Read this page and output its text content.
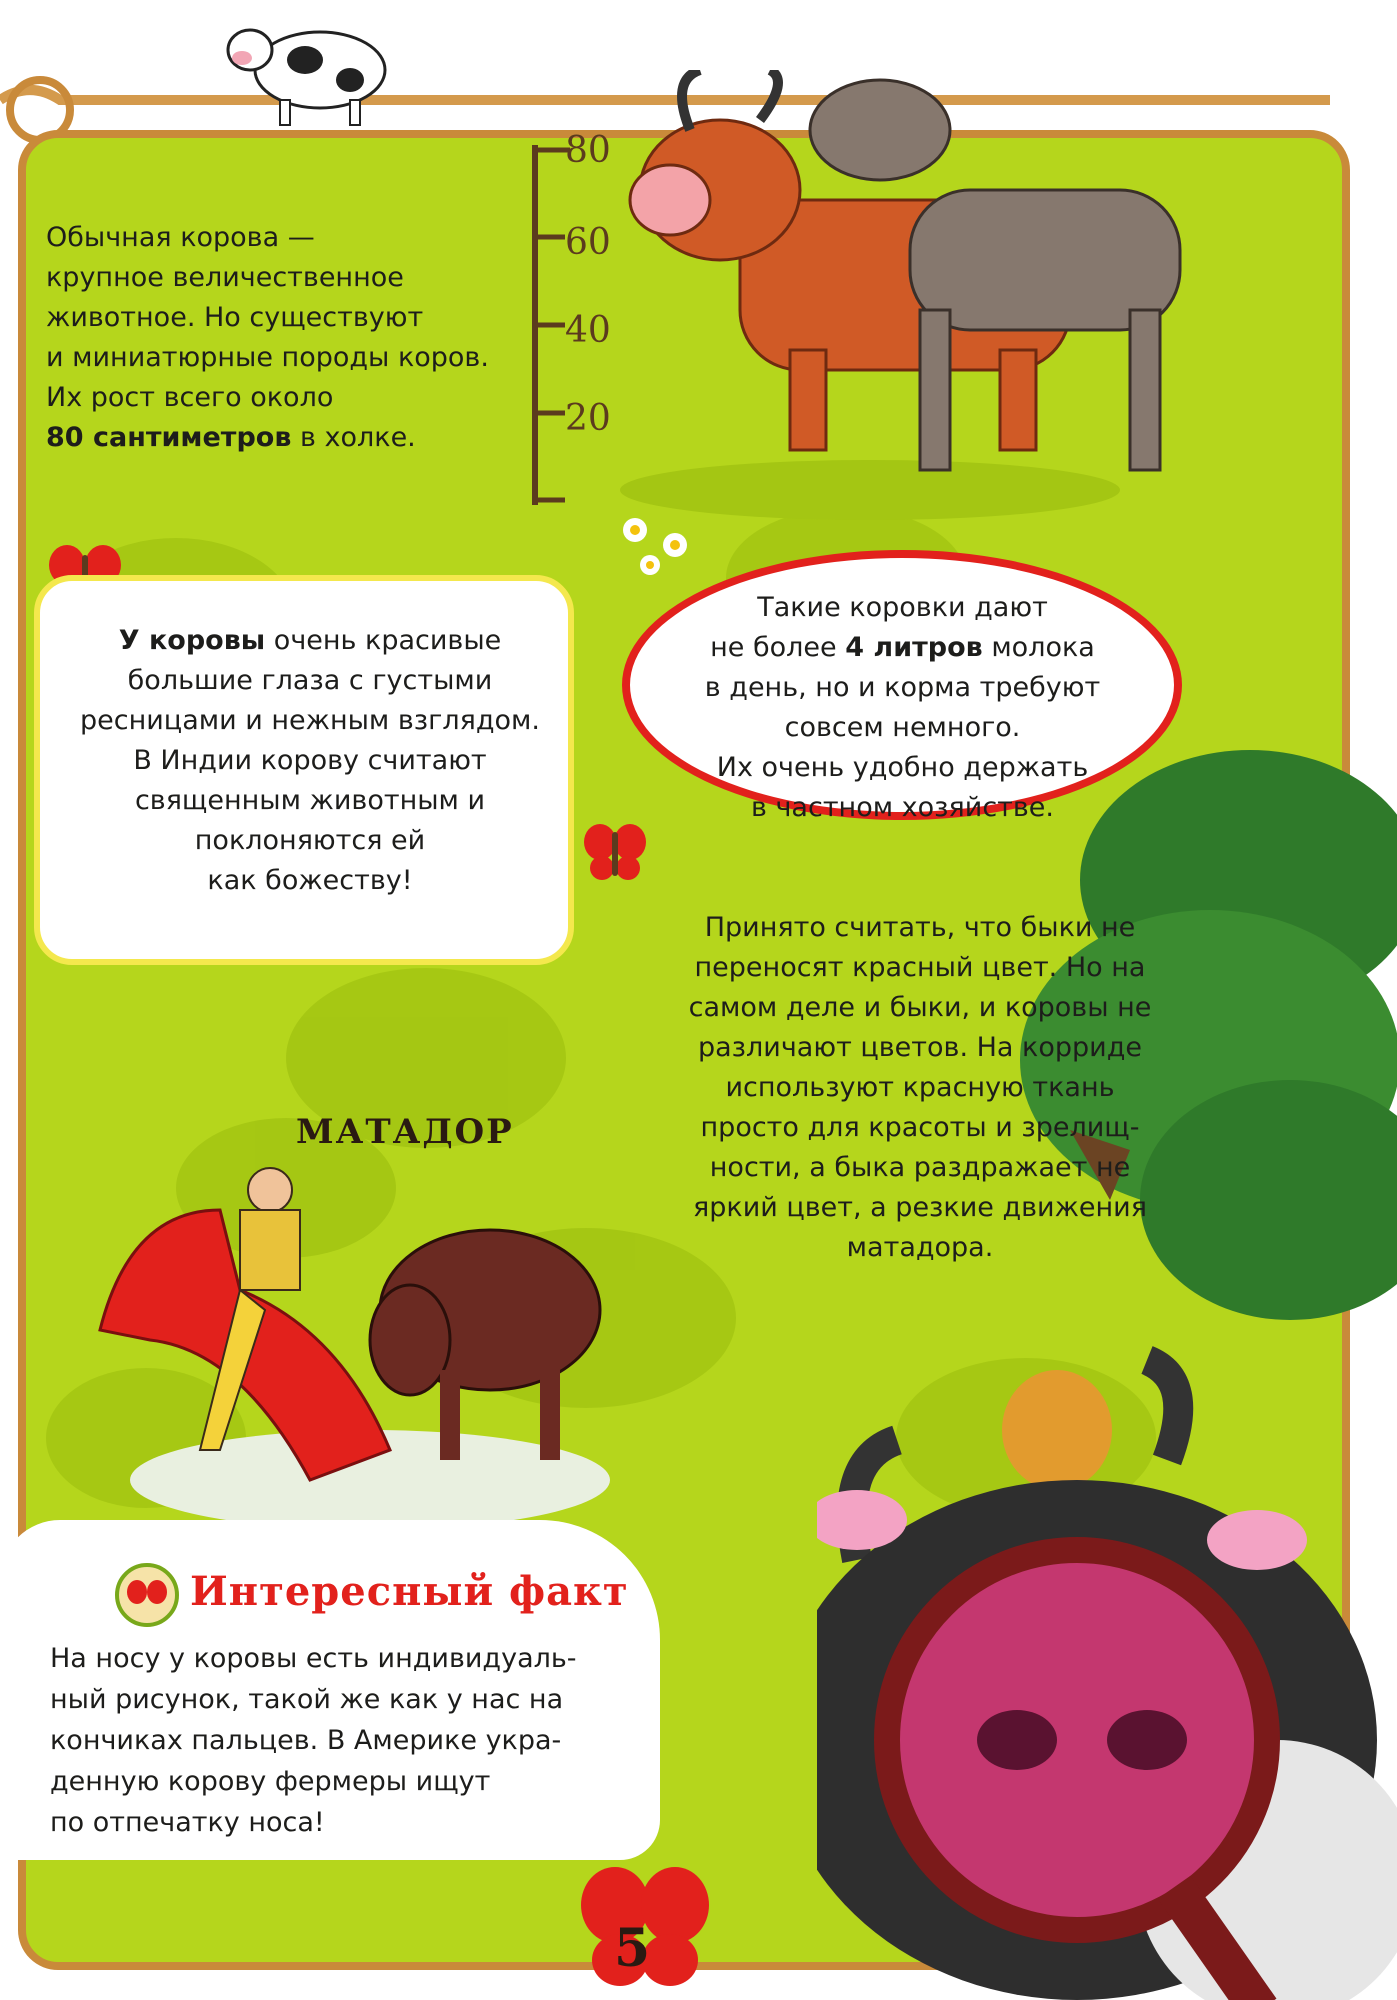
80
60
40
20
Обычная корова —
крупное величественное
животное. Но существуют
и миниатюрные породы коров.
Их рост всего около
80 сантиметров в холке.
У коровы очень красивые
большие глаза с густыми
ресницами и нежным взглядом.
В Индии корову считают
священным животным и
поклоняются ей
как божеству!
Такие коровки дают
не более 4 литров молока
в день, но и корма требуют
совсем немного.
Их очень удобно держать
в частном хозяйстве.
Принято считать, что быки не
переносят красный цвет. Но на
самом деле и быки, и коровы не
различают цветов. На корриде
используют красную ткань
просто для красоты и зрелищ-
ности, а быка раздражает не
яркий цвет, а резкие движения
матадора.
МАТАДОР
Интересный факт
На носу у коровы есть индивидуаль-
ный рисунок, такой же как у нас на
кончиках пальцев. В Америке укра-
денную корову фермеры ищут
по отпечатку носа!
5
